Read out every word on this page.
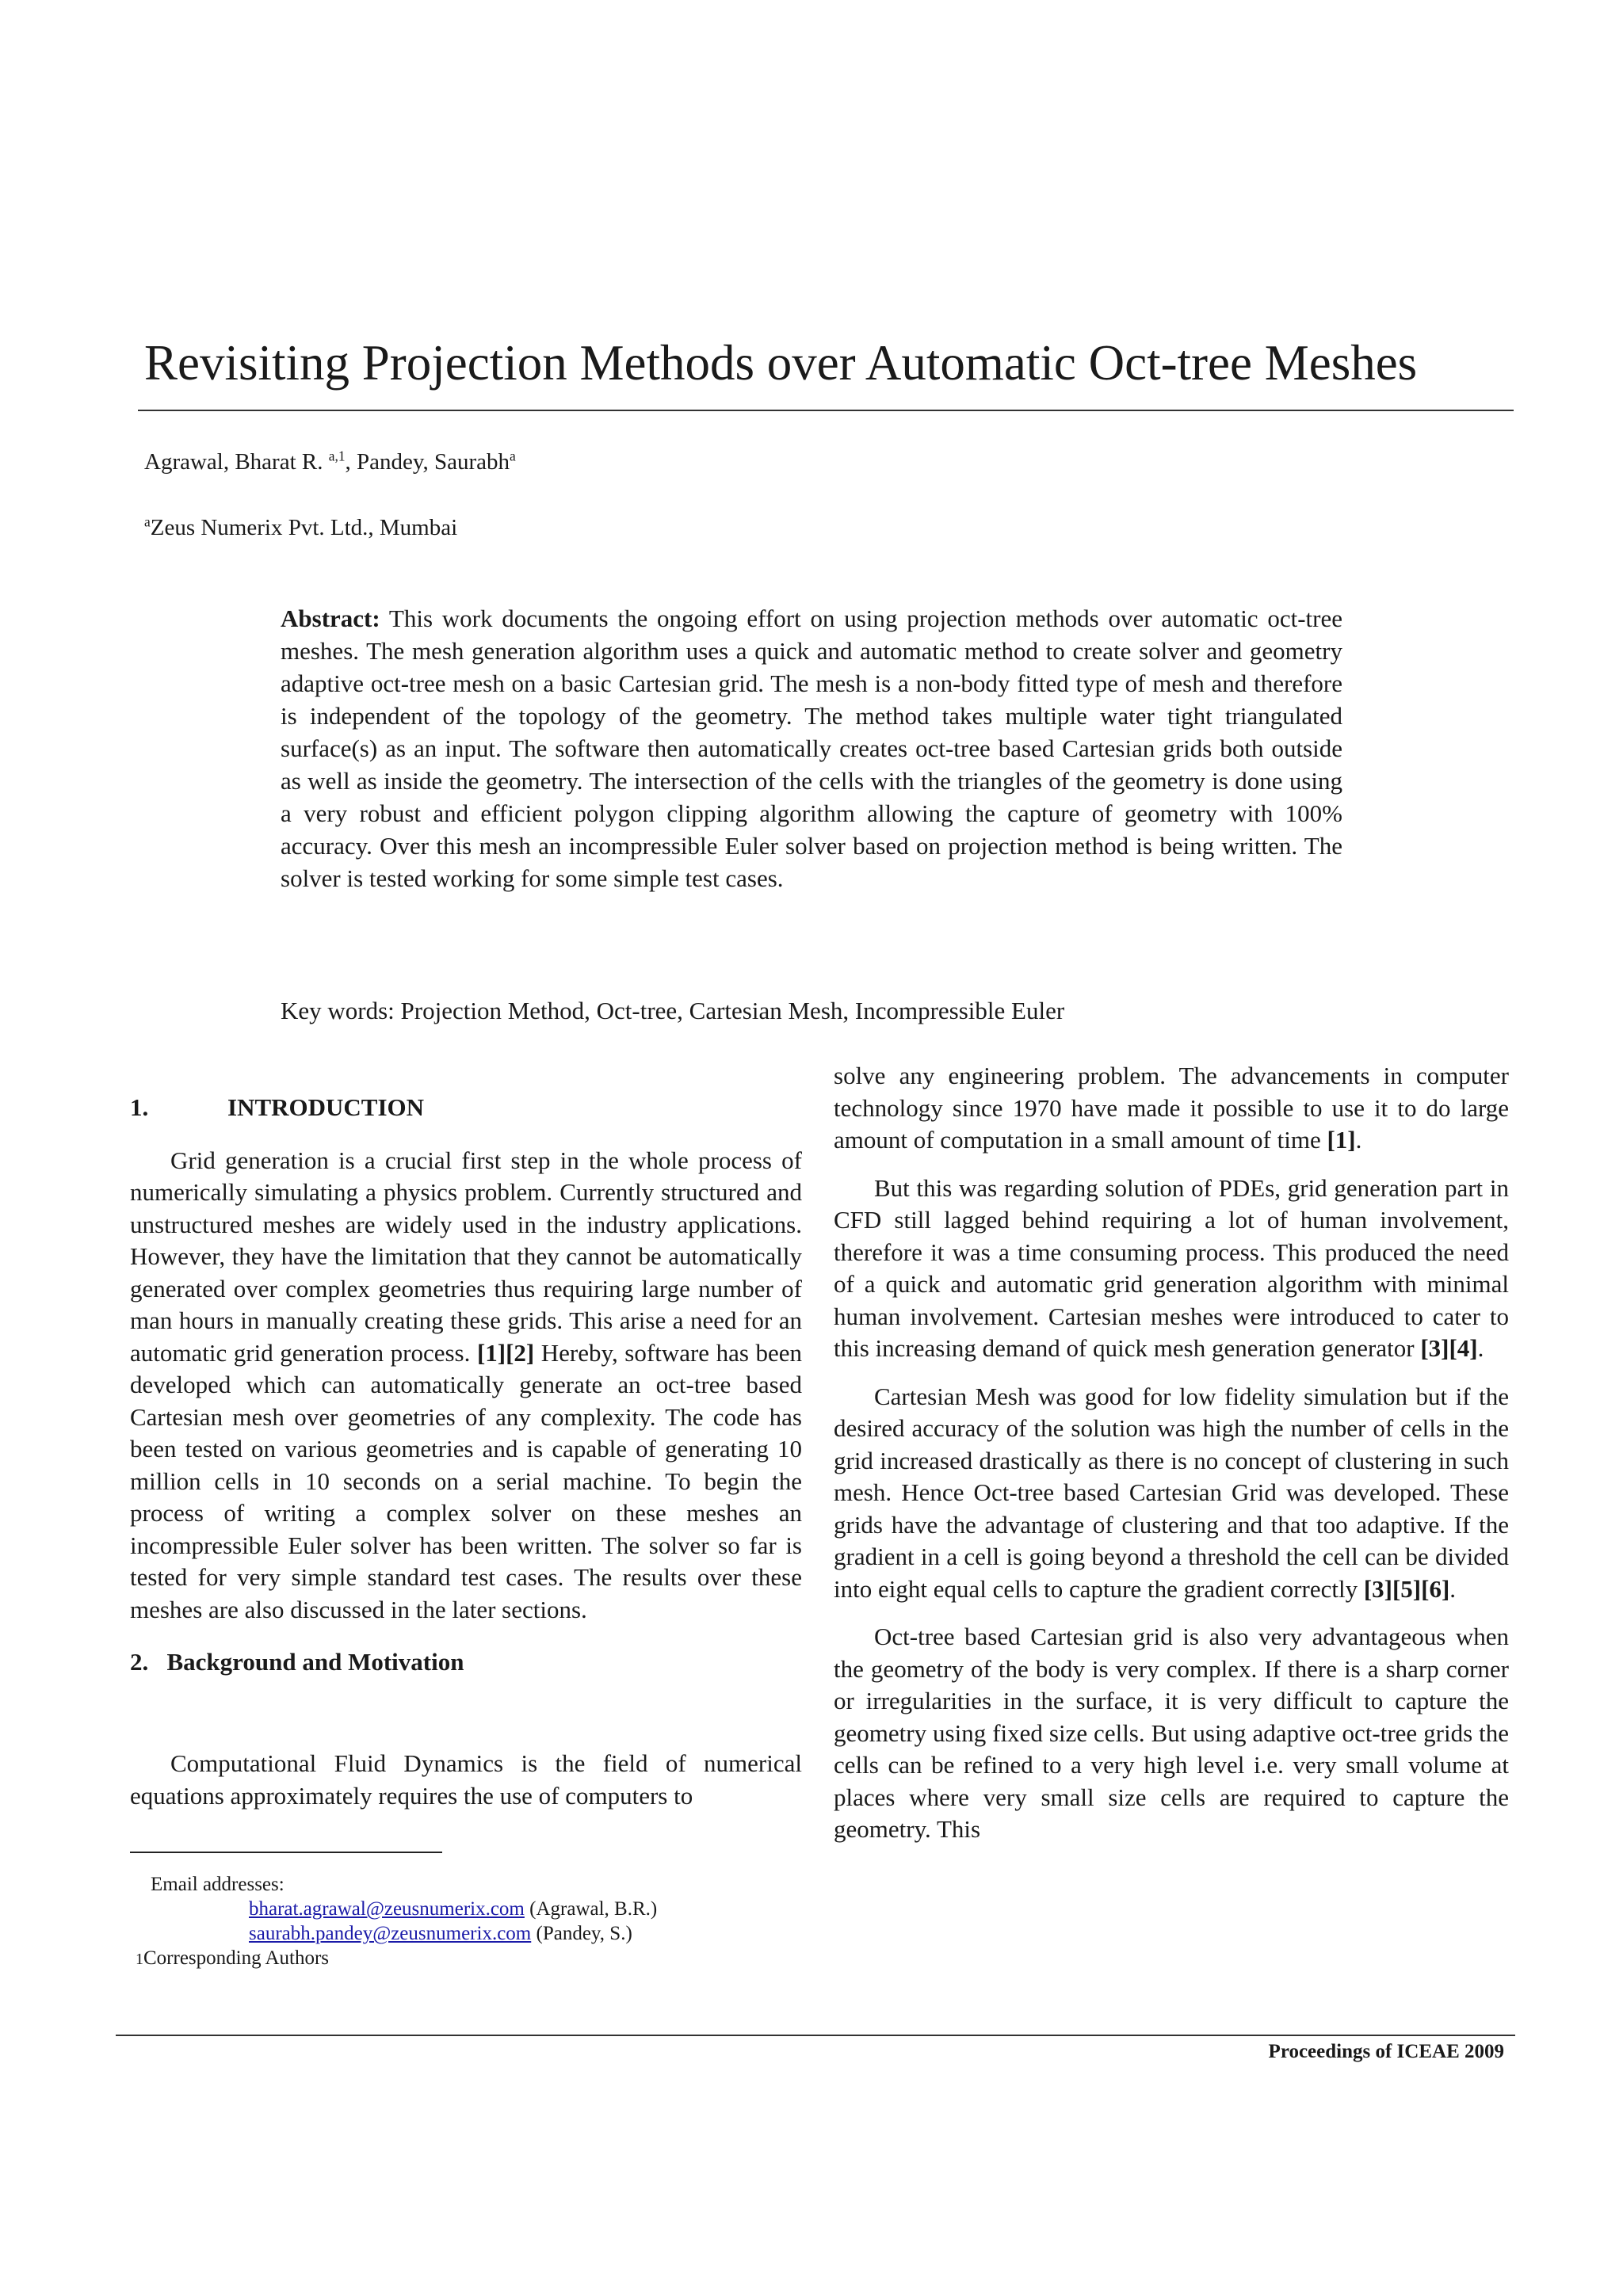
Revisiting Projection Methods over Automatic Oct-tree Meshes
Agrawal, Bharat R. $^{a,1}$, Pandey, Saurabh$^a$
$^a$Zeus Numerix Pvt. Ltd., Mumbai
Abstract: This work documents the ongoing effort on using projection methods over automatic oct-tree meshes. The mesh generation algorithm uses a quick and automatic method to create solver and geometry adaptive oct-tree mesh on a basic Cartesian grid. The mesh is a non-body fitted type of mesh and therefore is independent of the topology of the geometry. The method takes multiple water tight triangulated surface(s) as an input. The software then automatically creates oct-tree based Cartesian grids both outside as well as inside the geometry. The intersection of the cells with the triangles of the geometry is done using a very robust and efficient polygon clipping algorithm allowing the capture of geometry with 100% accuracy. Over this mesh an incompressible Euler solver based on projection method is being written. The solver is tested working for some simple test cases.
Key words: Projection Method, Oct-tree, Cartesian Mesh, Incompressible Euler
1.	INTRODUCTION
Grid generation is a crucial first step in the whole process of numerically simulating a physics problem. Currently structured and unstructured meshes are widely used in the industry applications. However, they have the limitation that they cannot be automatically generated over complex geometries thus requiring large number of man hours in manually creating these grids. This arise a need for an automatic grid generation process. [1][2] Hereby, software has been developed which can automatically generate an oct-tree based Cartesian mesh over geometries of any complexity. The code has been tested on various geometries and is capable of generating 10 million cells in 10 seconds on a serial machine. To begin the process of writing a complex solver on these meshes an incompressible Euler solver has been written. The solver so far is tested for very simple standard test cases. The results over these meshes are also discussed in the later sections.
2. Background and Motivation
Computational Fluid Dynamics is the field of numerical equations approximately requires the use of computers to
solve any engineering problem. The advancements in computer technology since 1970 have made it possible to use it to do large amount of computation in a small amount of time [1].
But this was regarding solution of PDEs, grid generation part in CFD still lagged behind requiring a lot of human involvement, therefore it was a time consuming process. This produced the need of a quick and automatic grid generation algorithm with minimal human involvement. Cartesian meshes were introduced to cater to this increasing demand of quick mesh generation generator [3][4].
Cartesian Mesh was good for low fidelity simulation but if the desired accuracy of the solution was high the number of cells in the grid increased drastically as there is no concept of clustering in such mesh. Hence Oct-tree based Cartesian Grid was developed. These grids have the advantage of clustering and that too adaptive. If the gradient in a cell is going beyond a threshold the cell can be divided into eight equal cells to capture the gradient correctly [3][5][6].
Oct-tree based Cartesian grid is also very advantageous when the geometry of the body is very complex. If there is a sharp corner or irregularities in the surface, it is very difficult to capture the geometry using fixed size cells. But using adaptive oct-tree grids the cells can be refined to a very high level i.e. very small volume at places where very small size cells are required to capture the geometry. This
Email addresses:
bharat.agrawal@zeusnumerix.com (Agrawal, B.R.)
saurabh.pandey@zeusnumerix.com (Pandey, S.)
1Corresponding Authors
Proceedings of ICEAE 2009
